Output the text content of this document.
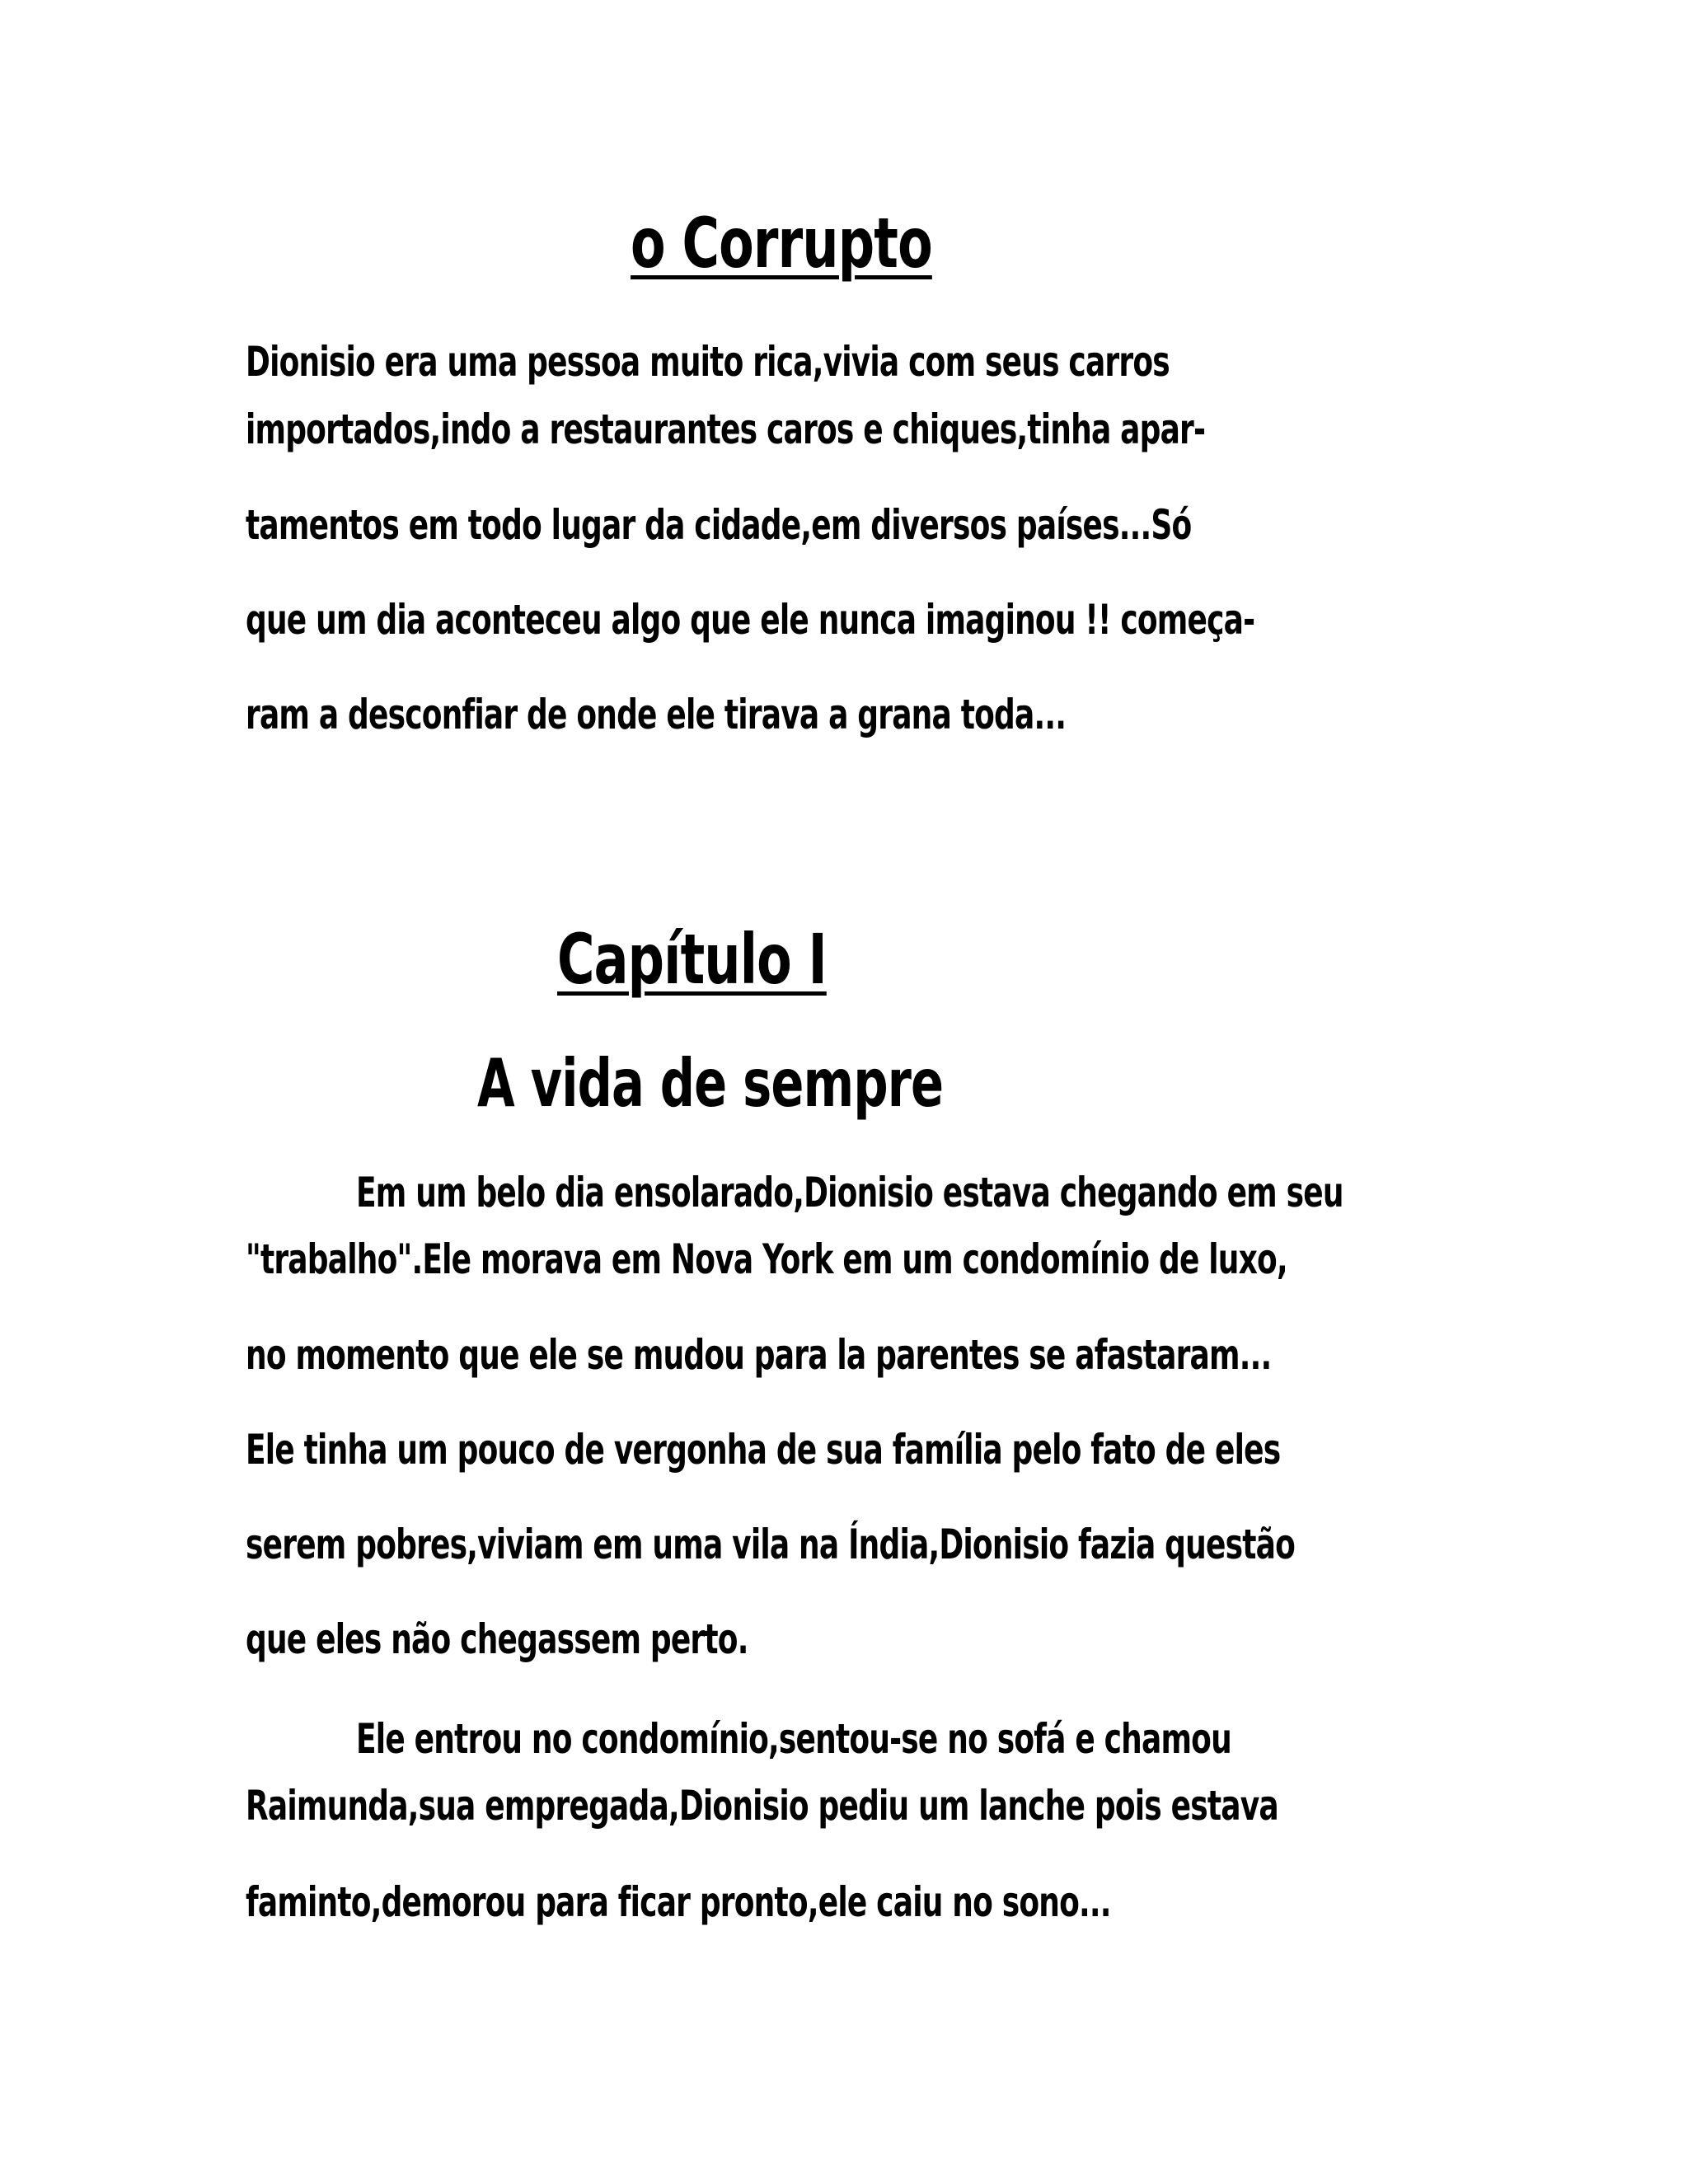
o Corrupto

Dionisio era uma pessoa muito rica,vivia com seus carros

importados,indo a restaurantes caros e chiques,tinha apar-

tamentos em todo lugar da cidade,em diversos países...Só

que um dia aconteceu algo que ele nunca imaginou !! começa-

ram a desconfiar de onde ele tirava a grana toda...

Capítulo I
A vida de sempre

Em um belo dia ensolarado,Dionisio estava chegando em seu

"trabalho".Ele morava em Nova York em um condomínio de luxo,

no momento que ele se mudou para la parentes se afastaram...

Ele tinha um pouco de vergonha de sua família pelo fato de eles

serem pobres,viviam em uma vila na Índia,Dionisio fazia questão

que eles não chegassem perto.

Ele entrou no condomínio,sentou-se no sofá e chamou

Raimunda,sua empregada,Dionisio pediu um lanche pois estava

faminto,demorou para ficar pronto,ele caiu no sono...
